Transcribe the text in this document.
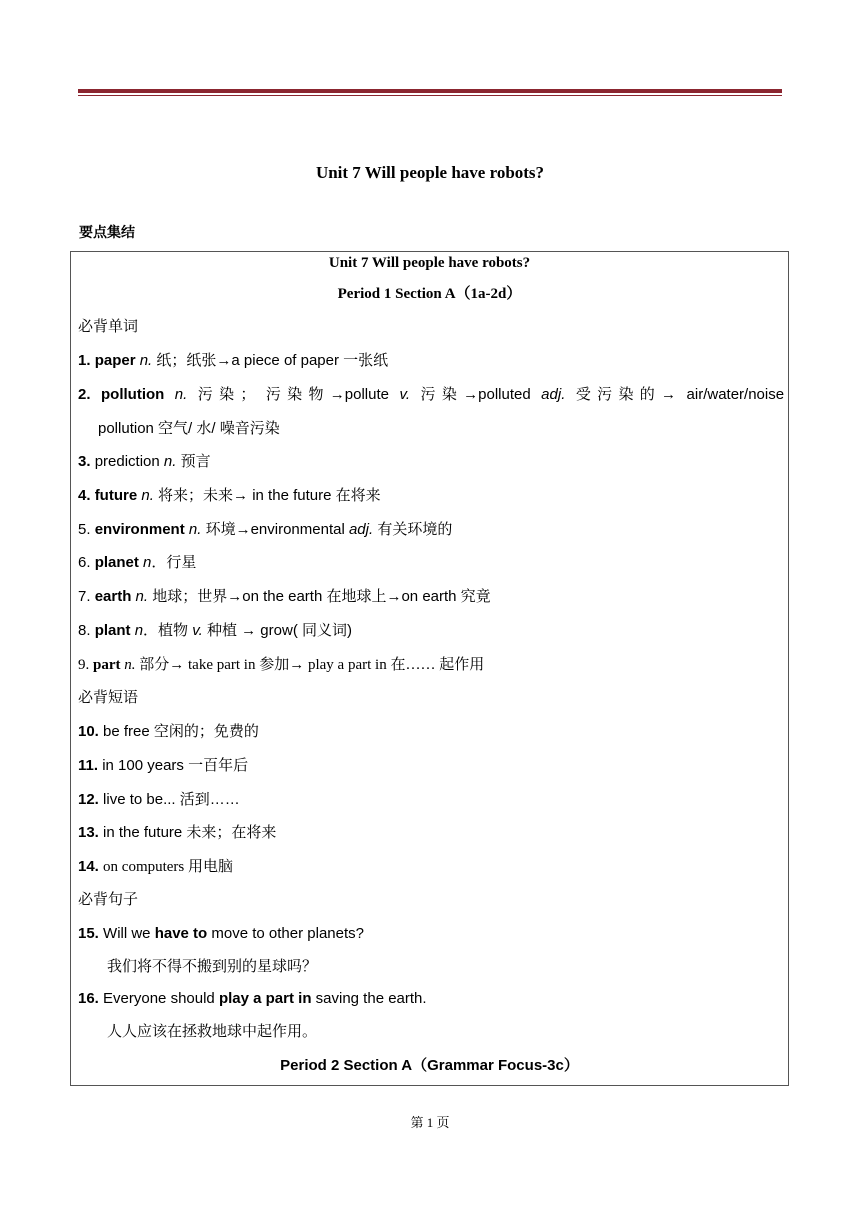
Unit 7 Will people have robots?
要点集结
Unit 7 Will people have robots?
Period 1 Section A（1a-2d）
必背单词
1. paper n. 纸；纸张→a piece of paper 一张纸
2. pollution n. 污染； 污染物→pollute v. 污染→polluted adj. 受污染的→ air/water/noise
pollution 空气/ 水/ 噪音污染
3. prediction n. 预言
4. future n. 将来；未来→ in the future 在将来
5. environment n. 环境→environmental adj. 有关环境的
6. planet n．行星
7. earth n. 地球；世界→on the earth 在地球上→on earth 究竟
8. plant n．植物 v. 种植 → grow( 同义词)
9. part n. 部分→ take part in 参加→ play a part in 在…… 起作用
必背短语
10. be free 空闲的；免费的
11. in 100 years 一百年后
12. live to be... 活到……
13. in the future 未来；在将来
14. on computers 用电脑
必背句子
15. Will we have to move to other planets?
我们将不得不搬到别的星球吗？
16. Everyone should play a part in saving the earth.
人人应该在拯救地球中起作用。
Period 2 Section A（Grammar Focus-3c）
第 1 页
